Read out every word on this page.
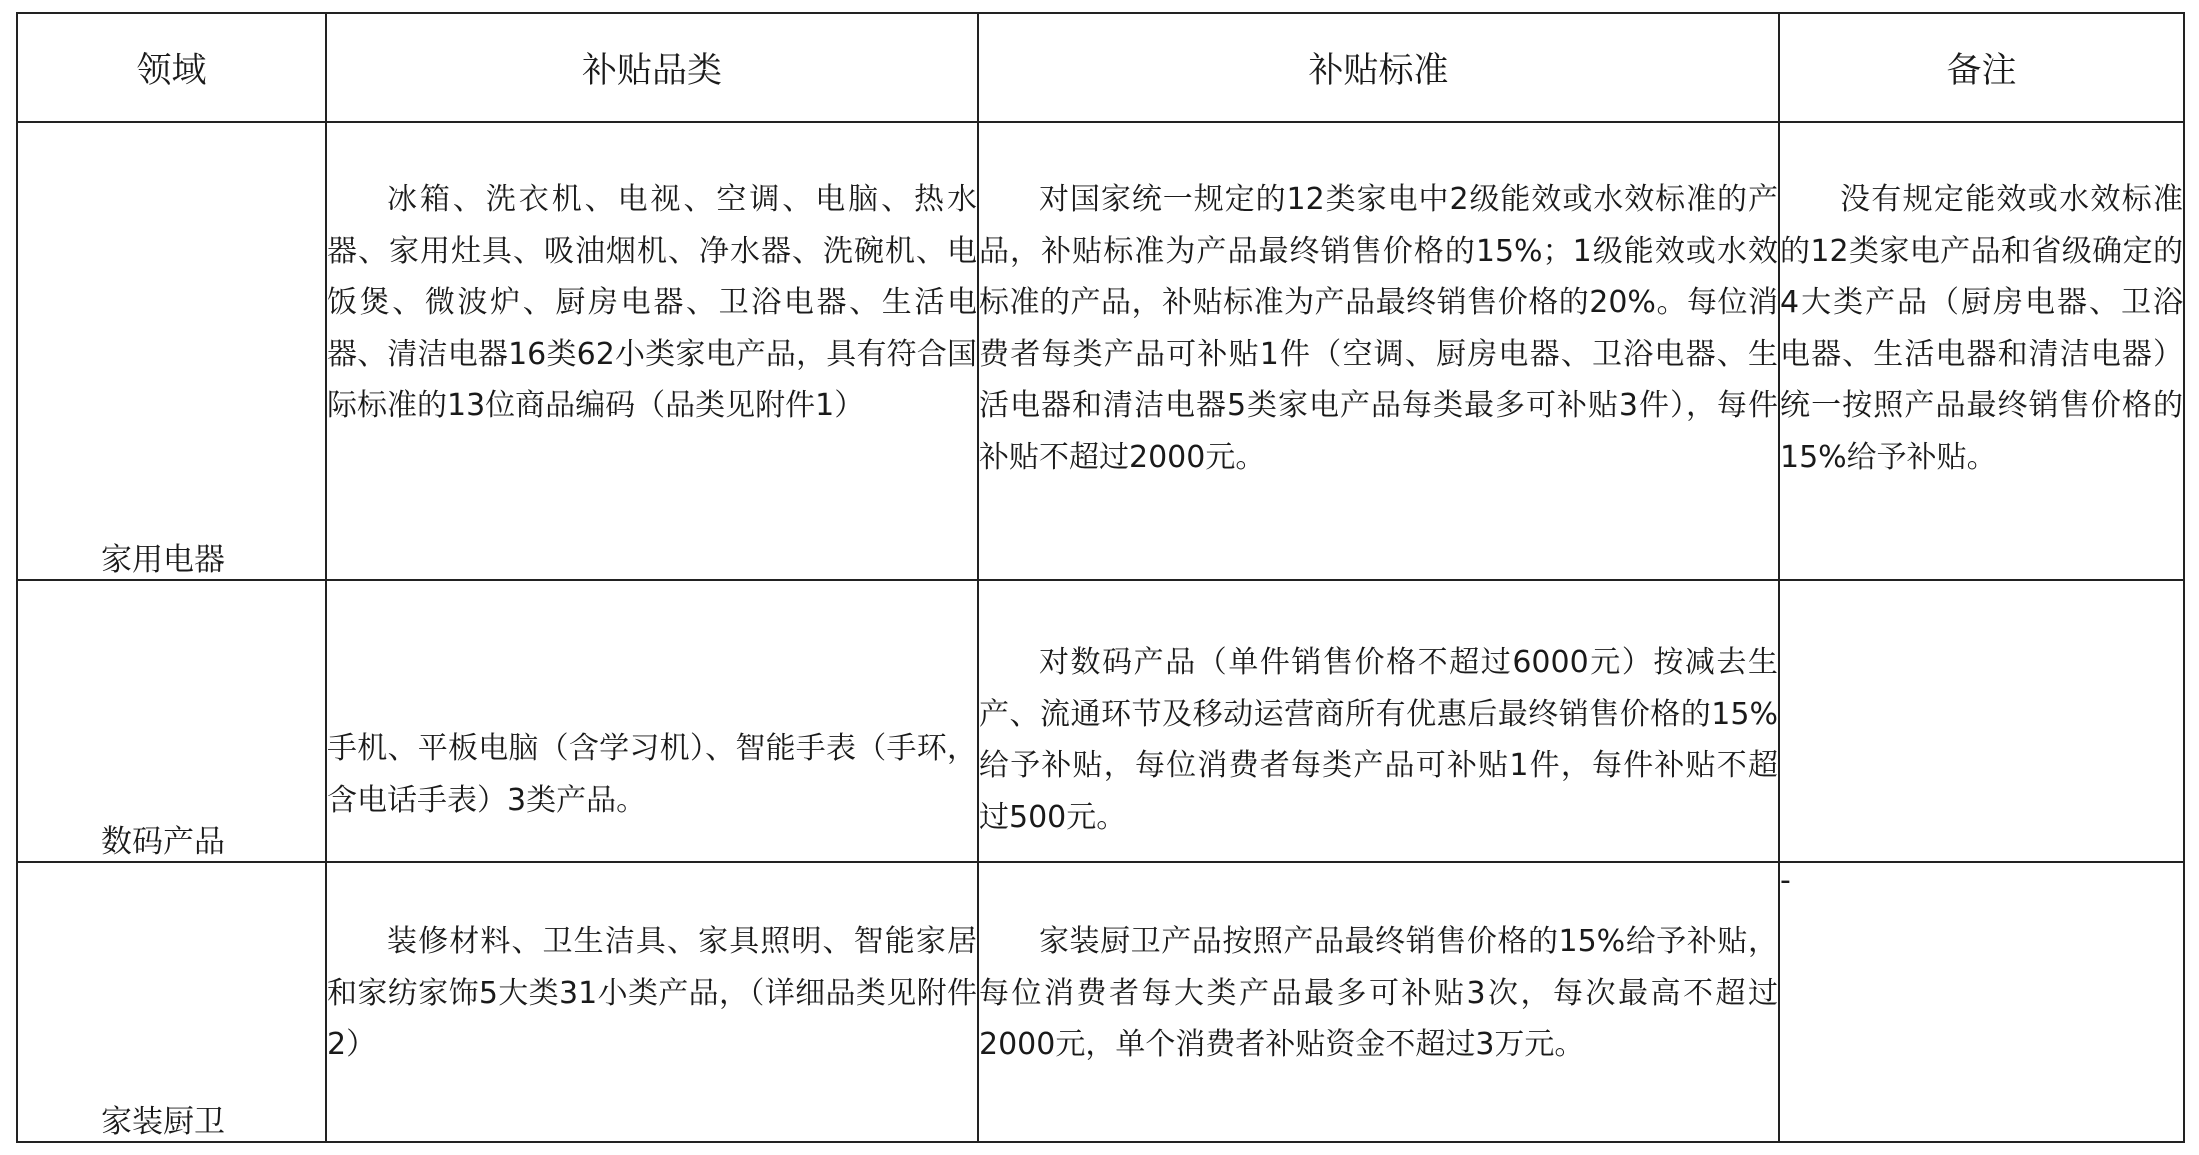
领域	补贴品类	补贴标准	备注

家用电器	冰箱、洗衣机、电视、空调、电脑、热水器、家用灶具、吸油烟机、净水器、洗碗机、电饭煲、微波炉、厨房电器、卫浴电器、生活电器、清洁电器16类62小类家电产品，具有符合国际标准的13位商品编码（品类见附件1）	对国家统一规定的12类家电中2级能效或水效标准的产品，补贴标准为产品最终销售价格的15%；1级能效或水效标准的产品，补贴标准为产品最终销售价格的20%。每位消费者每类产品可补贴1件（空调、厨房电器、卫浴电器、生活电器和清洁电器5类家电产品每类最多可补贴3件），每件补贴不超过2000元。	没有规定能效或水效标准的12类家电产品和省级确定的4大类产品（厨房电器、卫浴电器、生活电器和清洁电器）统一按照产品最终销售价格的15%给予补贴。

数码产品	手机、平板电脑（含学习机）、智能手表（手环，含电话手表）3类产品。	对数码产品（单件销售价格不超过6000元）按减去生产、流通环节及移动运营商所有优惠后最终销售价格的15%给予补贴，每位消费者每类产品可补贴1件，每件补贴不超过500元。	

家装厨卫	装修材料、卫生洁具、家具照明、智能家居和家纺家饰5大类31小类产品，（详细品类见附件2）	家装厨卫产品按照产品最终销售价格的15%给予补贴，每位消费者每大类产品最多可补贴3次，每次最高不超过2000元，单个消费者补贴资金不超过3万元。	-
